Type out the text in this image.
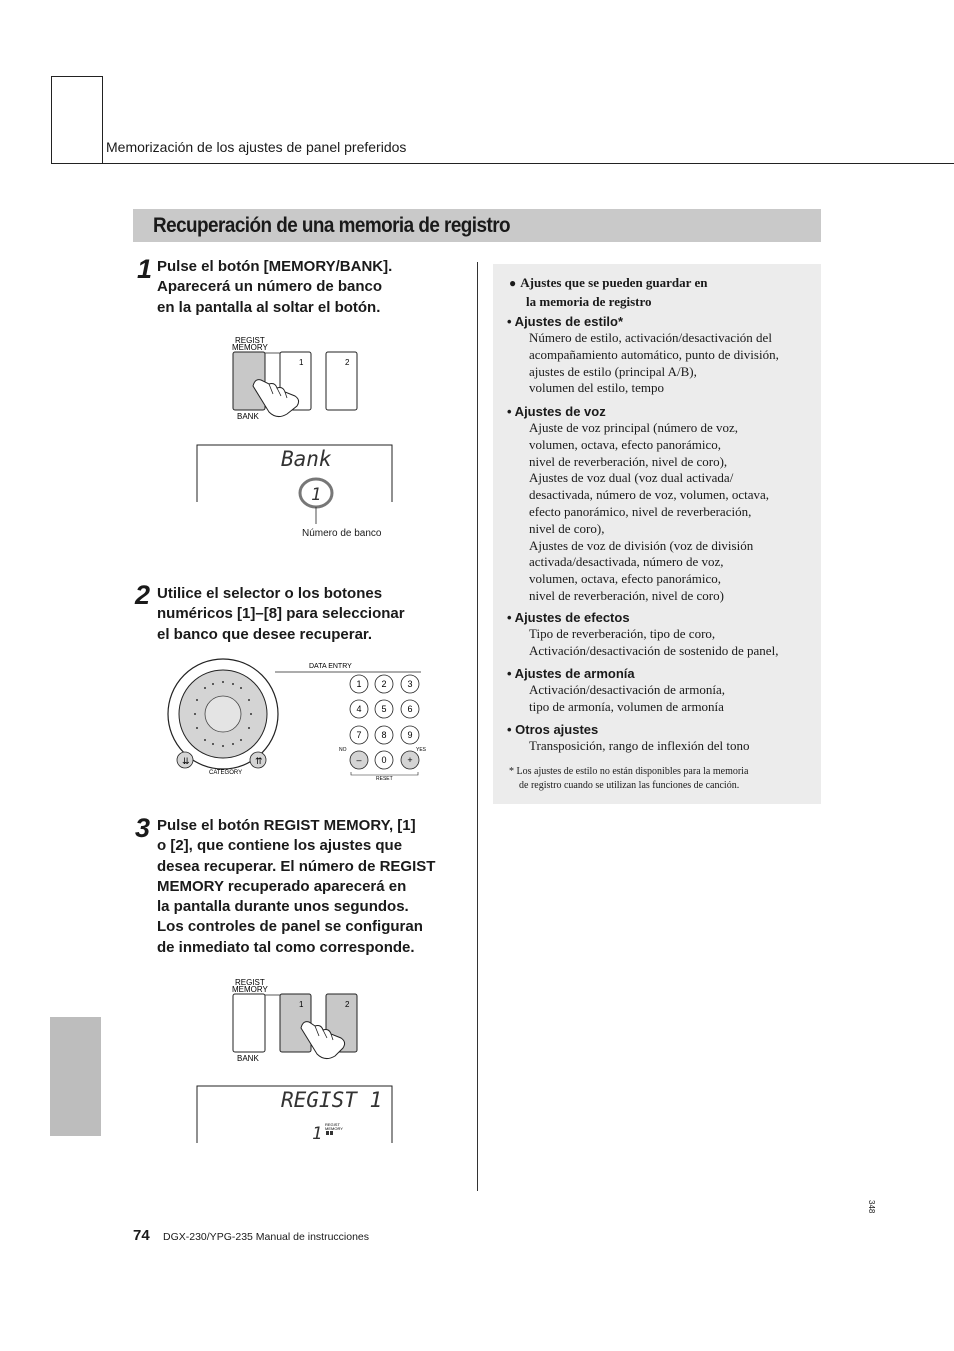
Memorización de los ajustes de panel preferidos
Recuperación de una memoria de registro
1 Pulse el botón [MEMORY/BANK].
Aparecerá un número de banco
en la pantalla al soltar el botón.
REGIST
MEMORY
1	2
BANK
Bank
1
Número de banco
2 Utilice el selector o los botones
numéricos [1]–[8] para seleccionar
el banco que desee recuperar.
DATA ENTRY
⇊	⇈
CATEGORY
1 2 3
4 5 6
7 8 9
– 0 +
NO	YES
RESET
3 Pulse el botón REGIST MEMORY, [1]
o [2], que contiene los ajustes que
desea recuperar. El número de REGIST
MEMORY recuperado aparecerá en
la pantalla durante unos segundos.
Los controles de panel se configuran
de inmediato tal como corresponde.
REGIST
MEMORY
1	2
BANK
REGIST 1
1 REGIST
MEMORY
● Ajustes que se pueden guardar en
la memoria de registro
• Ajustes de estilo*
Número de estilo, activación/desactivación del
acompañamiento automático, punto de división,
ajustes de estilo (principal A/B),
volumen del estilo, tempo
• Ajustes de voz
Ajuste de voz principal (número de voz,
volumen, octava, efecto panorámico,
nivel de reverberación, nivel de coro),
Ajustes de voz dual (voz dual activada/
desactivada, número de voz, volumen, octava,
efecto panorámico, nivel de reverberación,
nivel de coro),
Ajustes de voz de división (voz de división
activada/desactivada, número de voz,
volumen, octava, efecto panorámico,
nivel de reverberación, nivel de coro)
• Ajustes de efectos
Tipo de reverberación, tipo de coro,
Activación/desactivación de sostenido de panel,
• Ajustes de armonía
Activación/desactivación de armonía,
tipo de armonía, volumen de armonía
• Otros ajustes
Transposición, rango de inflexión del tono
* Los ajustes de estilo no están disponibles para la memoria
de registro cuando se utilizan las funciones de canción.
74 DGX-230/YPG-235 Manual de instrucciones
348
